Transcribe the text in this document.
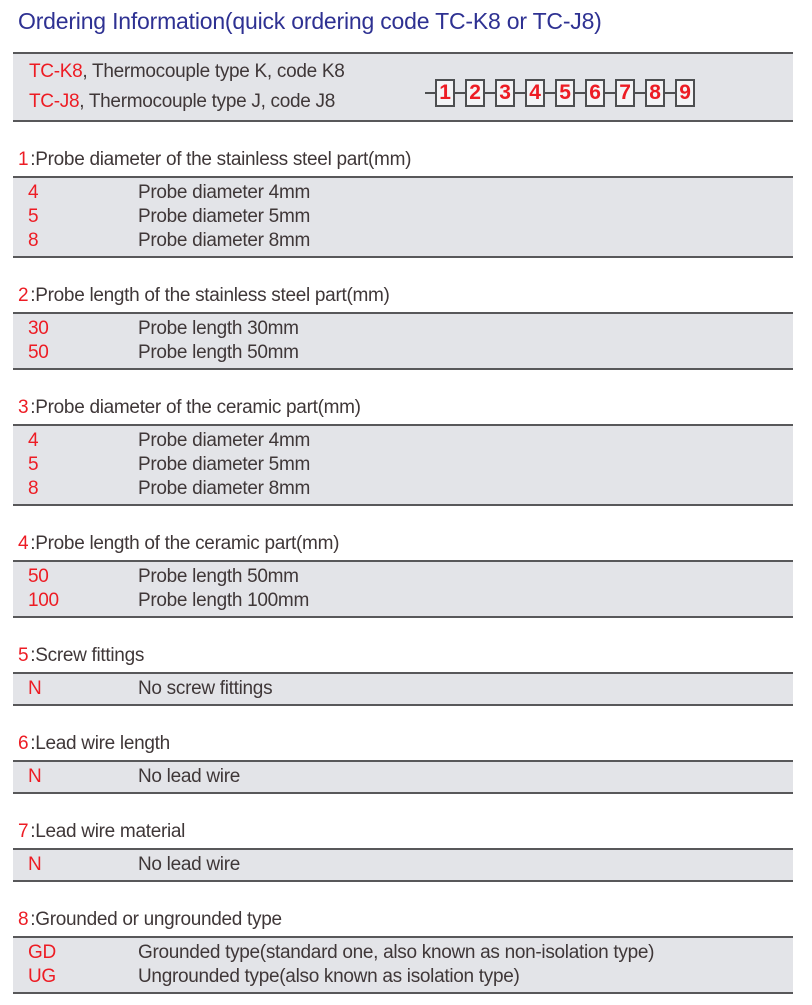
Ordering Information(quick ordering code TC-K8 or TC-J8)
TC-K8, Thermocouple type K, code K8
TC-J8, Thermocouple type J, code J8	1 2 3 4 5 6 7 8 9
1 :Probe diameter of the stainless steel part(mm)
4	Probe diameter 4mm
5	Probe diameter 5mm
8	Probe diameter 8mm
2 :Probe length of the stainless steel part(mm)
30	Probe length 30mm
50	Probe length 50mm
3 :Probe diameter of the ceramic part(mm)
4	Probe diameter 4mm
5	Probe diameter 5mm
8	Probe diameter 8mm
4 :Probe length of the ceramic part(mm)
50	Probe length 50mm
100	Probe length 100mm
5 :Screw fittings
N	No screw fittings
6 :Lead wire length
N	No lead wire
7 :Lead wire material
N	No lead wire
8 :Grounded or ungrounded type
GD	Grounded type(standard one, also known as non-isolation type)
UG	Ungrounded type(also known as isolation type)
